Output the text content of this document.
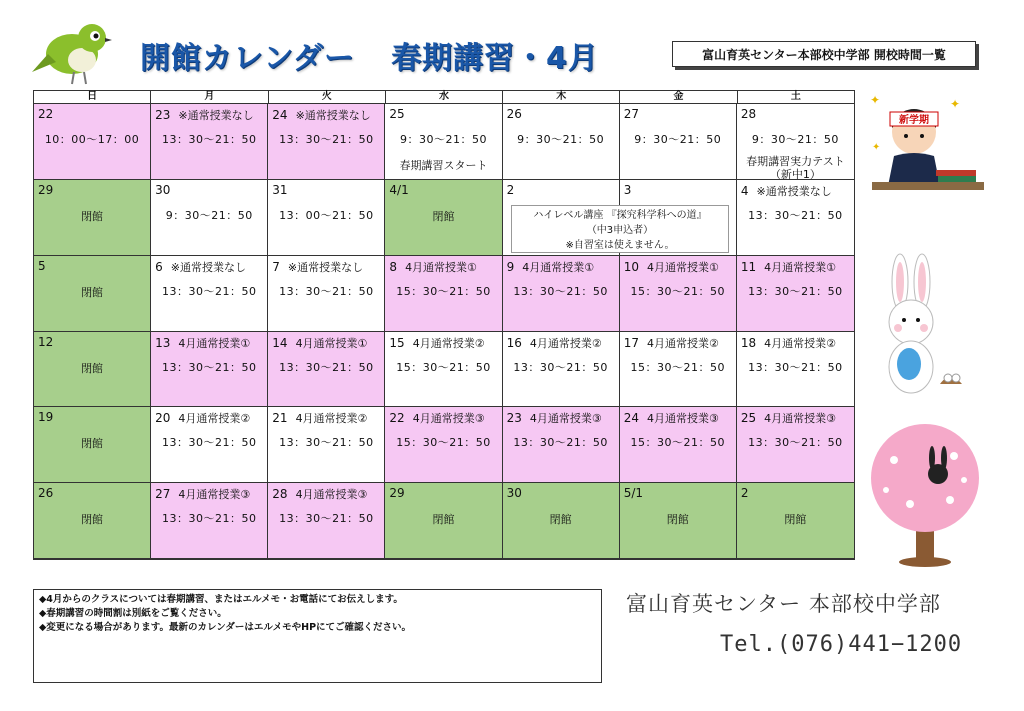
開館カレンダー 春期講習・4月	富山育英センター本部校中学部 開校時間一覧
日	月	火	水	木	金	土
22
10：00～17：00
23 ※通常授業なし
13：30～21：50
24 ※通常授業なし
13：30～21：50
25
9：30～21：50
春期講習スタート
26
9：30～21：50
27
9：30～21：50
28
9：30～21：50
春期講習実力テスト
（新中1）
29
閉館
30
9：30～21：50
31
13：00～21：50
4/1
閉館
2	3	4 ※通常授業なし
13：30～21：50
5
閉館
6 ※通常授業なし
13：30～21：50
7 ※通常授業なし
13：30～21：50
8 4月通常授業①
15：30～21：50
9 4月通常授業①
13：30～21：50
10 4月通常授業①
15：30～21：50
11 4月通常授業①
13：30～21：50
12
閉館
13 4月通常授業①
13：30～21：50
14 4月通常授業①
13：30～21：50
15 4月通常授業②
15：30～21：50
16 4月通常授業②
13：30～21：50
17 4月通常授業②
15：30～21：50
18 4月通常授業②
13：30～21：50
19
閉館
20 4月通常授業②
13：30～21：50
21 4月通常授業②
13：30～21：50
22 4月通常授業③
15：30～21：50
23 4月通常授業③
13：30～21：50
24 4月通常授業③
15：30～21：50
25 4月通常授業③
13：30～21：50
26
閉館
27 4月通常授業③
13：30～21：50
28 4月通常授業③
13：30～21：50
29
閉館
30
閉館
5/1
閉館
2
閉館
ハイレベル講座 『探究科学科への道』
（中3申込者）
※自習室は使えません。
✦	✦
✦
新学期
◆4月からのクラスについては春期講習、またはエルメモ・お電話にてお伝えします。
◆春期講習の時間割は別紙をご覧ください。
◆変更になる場合があります。最新のカレンダーはエルメモやHPにてご確認ください。
富山育英センター 本部校中学部
Tel.(076)441−1200
